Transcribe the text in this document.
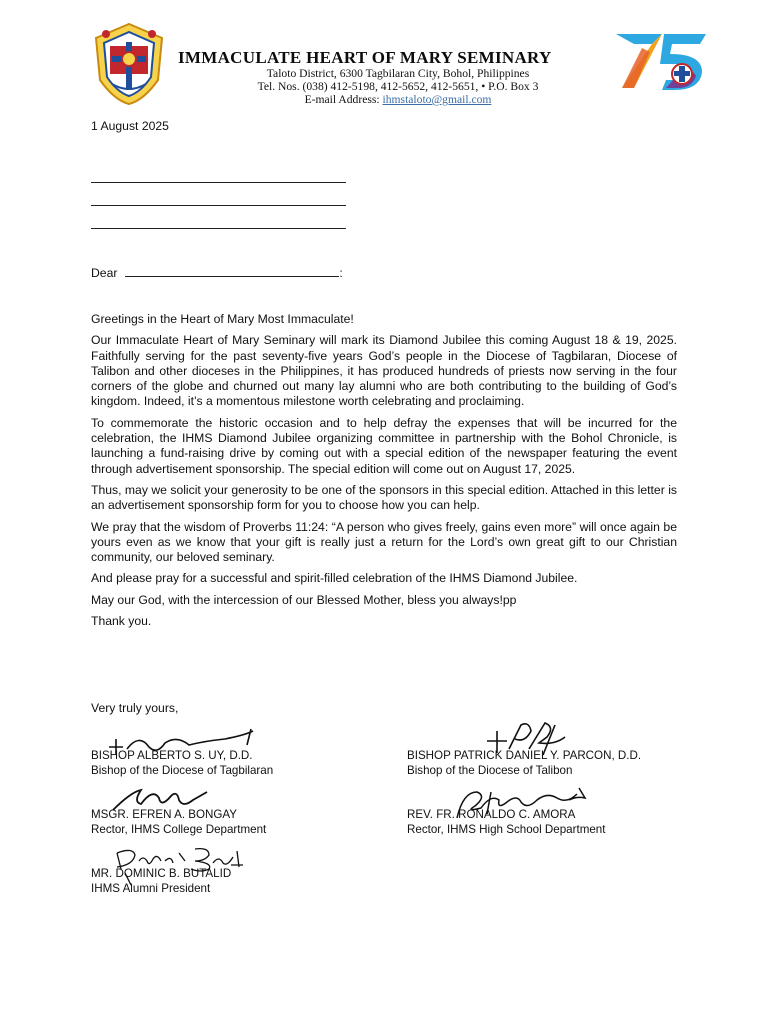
IMMACULATE HEART OF MARY SEMINARY
Taloto District, 6300 Tagbilaran City, Bohol, Philippines
Tel. Nos. (038) 412-5198, 412-5652, 412-5651, • P.O. Box 3
E-mail Address: ihmstaloto@gmail.com
75
1 August 2025
Dear	:

Greetings in the Heart of Mary Most Immaculate!

Our Immaculate Heart of Mary Seminary will mark its Diamond Jubilee this coming August 18 & 19, 2025. Faithfully serving for the past seventy-five years God’s people in the Diocese of Tagbilaran, Diocese of Talibon and other dioceses in the Philippines, it has produced hundreds of priests now serving in the four corners of the globe and churned out many lay alumni who are both contributing to the building of God’s kingdom. Indeed, it’s a momentous milestone worth celebrating and proclaiming.

To commemorate the historic occasion and to help defray the expenses that will be incurred for the celebration, the IHMS Diamond Jubilee organizing committee in partnership with the Bohol Chronicle, is launching a fund-raising drive by coming out with a special edition of the newspaper featuring the event through advertisement sponsorship. The special edition will come out on August 17, 2025.

Thus, may we solicit your generosity to be one of the sponsors in this special edition. Attached in this letter is an advertisement sponsorship form for you to choose how you can help.

We pray that the wisdom of Proverbs 11:24: “A person who gives freely, gains even more” will once again be yours even as we know that your gift is really just a return for the Lord’s own great gift to our Christian community, our beloved seminary.

And please pray for a successful and spirit-filled celebration of the IHMS Diamond Jubilee.

May our God, with the intercession of our Blessed Mother, bless you always!pp

Thank you.

Very truly yours,
BISHOP ALBERTO S. UY, D.D.
Bishop of the Diocese of Tagbilaran
BISHOP PATRICK DANIEL Y. PARCON, D.D.
Bishop of the Diocese of Talibon
MSGR. EFREN A. BONGAY
Rector, IHMS College Department
REV. FR. RONALDO C. AMORA
Rector, IHMS High School Department
MR. DOMINIC B. BUTALID
IHMS Alumni President
